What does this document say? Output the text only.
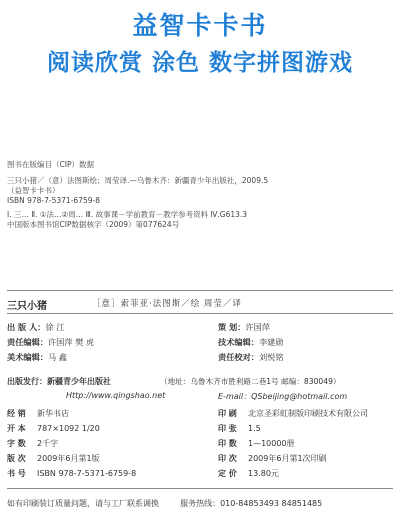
益智卡卡书
阅读欣赏 涂色 数字拼图游戏
图书在版编目（CIP）数据
三只小猪／（意）法图斯绘；周莹译.—乌鲁木齐：新疆青少年出版社，2009.5
（益智卡卡书）
ISBN 978-7-5371-6759-8
Ⅰ. 三… Ⅱ. ①法…②周… Ⅲ. 故事课－学前教育－教学参考资料 Ⅳ.G613.3
中国版本图书馆CIP数据核字（2009）第077624号
三只小猪	［意］索菲亚·法图斯／绘 周莹／译
出 版 人：徐 江	策 划：许国萍
责任编辑：许国萍 樊 虎	技术编辑：李建勋
美术编辑：马 鑫	责任校对：刘悦铭
出版发行：新疆青少年出版社	（地址：乌鲁木齐市胜利路二巷1号 邮编：830049）
Http://www.qingshao.net	E-mail：QSbeijing@hotmail.com
经 销 新华书店	印 刷 北京圣彩虹制版印刷技术有限公司
开 本 787×1092 1/20	印 张 1.5
字 数 2千字	印 数 1—10000册
版 次 2009年6月第1版	印 次 2009年6月第1次印刷
书 号 ISBN 978-7-5371-6759-8	定 价 13.80元
如有印刷装订质量问题，请与工厂联系调换	服务热线：010-84853493 84851485
